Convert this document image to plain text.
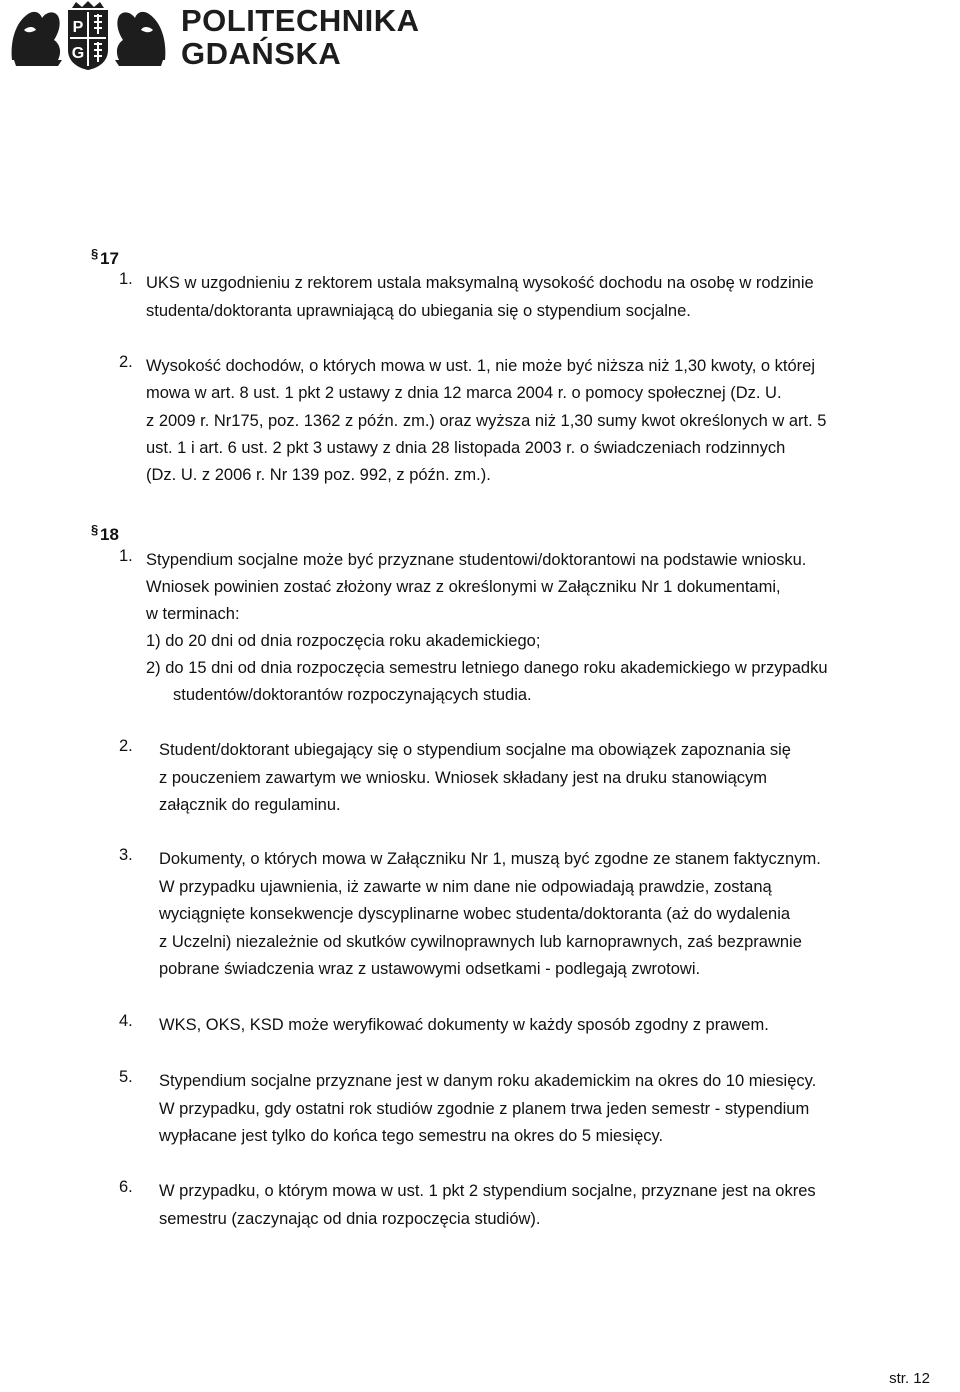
P
G
POLITECHNIKA
GDAŃSKA
§ 17
1. UKS w uzgodnieniu z rektorem ustala maksymalną wysokość dochodu na osobę w rodzinie
studenta/doktoranta uprawniającą do ubiegania się o stypendium socjalne.
2. Wysokość dochodów, o których mowa w ust. 1, nie może być niższa niż 1,30 kwoty, o której
mowa w art. 8 ust. 1 pkt 2 ustawy z dnia 12 marca 2004 r. o pomocy społecznej (Dz. U.
z 2009 r. Nr175, poz. 1362 z późn. zm.) oraz wyższa niż 1,30 sumy kwot określonych w art. 5
ust. 1 i art. 6 ust. 2 pkt 3 ustawy z dnia 28 listopada 2003 r. o świadczeniach rodzinnych
(Dz. U. z 2006 r. Nr 139 poz. 992, z późn. zm.).
§ 18
1. Stypendium socjalne może być przyznane studentowi/doktorantowi na podstawie wniosku.
Wniosek powinien zostać złożony wraz z określonymi w Załączniku Nr 1 dokumentami,
w terminach:
1) do 20 dni od dnia rozpoczęcia roku akademickiego;
2) do 15 dni od dnia rozpoczęcia semestru letniego danego roku akademickiego w przypadku
studentów/doktorantów rozpoczynających studia.
2. Student/doktorant ubiegający się o stypendium socjalne ma obowiązek zapoznania się
z pouczeniem zawartym we wniosku. Wniosek składany jest na druku stanowiącym
załącznik do regulaminu.
3. Dokumenty, o których mowa w Załączniku Nr 1, muszą być zgodne ze stanem faktycznym.
W przypadku ujawnienia, iż zawarte w nim dane nie odpowiadają prawdzie, zostaną
wyciągnięte konsekwencje dyscyplinarne wobec studenta/doktoranta (aż do wydalenia
z Uczelni) niezależnie od skutków cywilnoprawnych lub karnoprawnych, zaś bezprawnie
pobrane świadczenia wraz z ustawowymi odsetkami - podlegają zwrotowi.
4. WKS, OKS, KSD może weryfikować dokumenty w każdy sposób zgodny z prawem.
5. Stypendium socjalne przyznane jest w danym roku akademickim na okres do 10 miesięcy.
W przypadku, gdy ostatni rok studiów zgodnie z planem trwa jeden semestr - stypendium
wypłacane jest tylko do końca tego semestru na okres do 5 miesięcy.
6. W przypadku, o którym mowa w ust. 1 pkt 2 stypendium socjalne, przyznane jest na okres
semestru (zaczynając od dnia rozpoczęcia studiów).
str. 12
